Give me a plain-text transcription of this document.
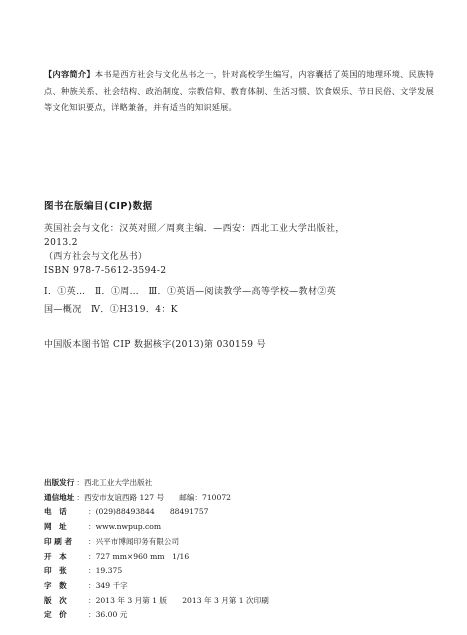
【内容简介】本书是西方社会与文化丛书之一，针对高校学生编写，内容囊括了英国的地理环境、民族特点、种族关系、社会结构、政治制度、宗教信仰、教育体制、生活习惯、饮食娱乐、节日民俗、文学发展等文化知识要点，详略兼备，并有适当的知识延展。
图书在版编目(CIP)数据
英国社会与文化：汉英对照／周爽主编．—西安：西北工业大学出版社，
2013.2
（西方社会与文化丛书）
ISBN 978-7-5612-3594-2
Ⅰ．①英…　Ⅱ．①周…　Ⅲ．①英语—阅读教学—高等学校—教材②英
国—概况　Ⅳ．①H319．4：K
中国版本图书馆 CIP 数据核字(2013)第 030159 号
出版发行 ：西北工业大学出版社
通信地址 ：西安市友谊西路 127 号　　邮编：710072
电　话	：(029)88493844　　88491757
网　址	：www.nwpup.com
印 刷 者	：兴平市博闻印务有限公司
开　本	：727 mm×960 mm　1/16
印　张	：19.375
字　数	：349 千字
版　次	：2013 年 3 月第 1 版　　2013 年 3 月第 1 次印刷
定　价	：36.00 元
